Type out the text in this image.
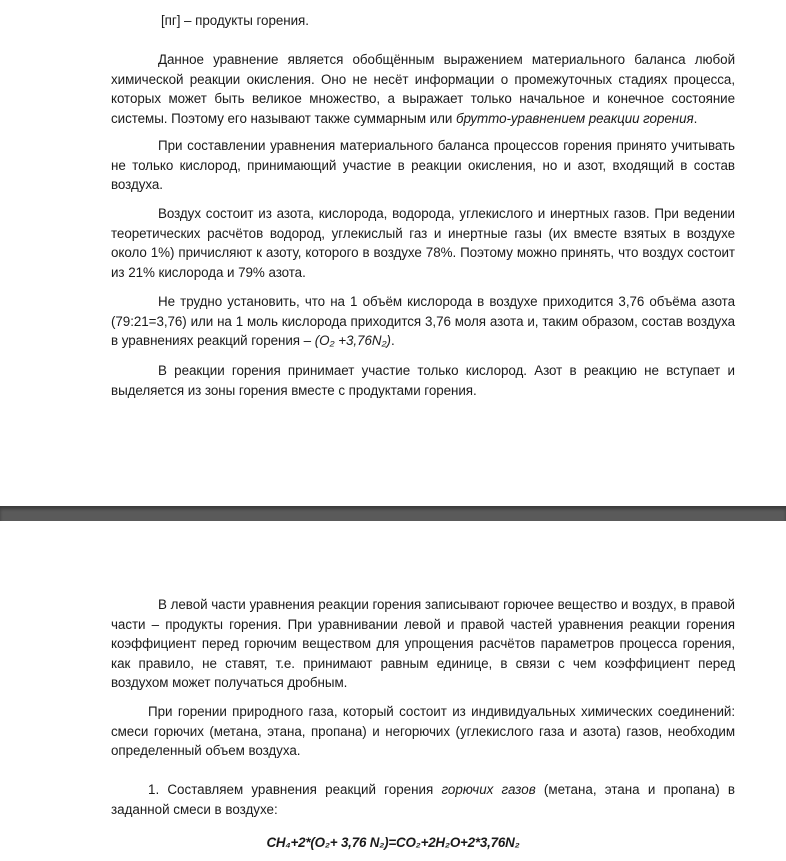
[пг] – продукты горения.

Данное уравнение является обобщённым выражением материального баланса любой химической реакции окисления. Оно не несёт информации о промежуточных стадиях процесса, которых может быть великое множество, а выражает только начальное и конечное состояние системы. Поэтому его называют также суммарным или брутто-уравнением реакции горения.

При составлении уравнения материального баланса процессов горения принято учитывать не только кислород, принимающий участие в реакции окисления, но и азот, входящий в состав воздуха.

Воздух состоит из азота, кислорода, водорода, углекислого и инертных газов. При ведении теоретических расчётов водород, углекислый газ и инертные газы (их вместе взятых в воздухе около 1%) причисляют к азоту, которого в воздухе 78%. Поэтому можно принять, что воздух состоит из 21% кислорода и 79% азота.

Не трудно установить, что на 1 объём кислорода в воздухе приходится 3,76 объёма азота (79:21=3,76) или на 1 моль кислорода приходится 3,76 моля азота и, таким образом, состав воздуха в уравнениях реакций горения – (O₂ +3,76N₂).

В реакции горения принимает участие только кислород. Азот в реакцию не вступает и выделяется из зоны горения вместе с продуктами горения.

В левой части уравнения реакции горения записывают горючее вещество и воздух, в правой части – продукты горения. При уравнивании левой и правой частей уравнения реакции горения коэффициент перед горючим веществом для упрощения расчётов параметров процесса горения, как правило, не ставят, т.е. принимают равным единице, в связи с чем коэффициент перед воздухом может получаться дробным.

При горении природного газа, который состоит из индивидуальных химических соединений: смеси горючих (метана, этана, пропана) и негорючих (углекислого газа и азота) газов, необходим определенный объем воздуха.

1. Составляем уравнения реакций горения горючих газов (метана, этана и пропана) в заданной смеси в воздухе:

CH₄+2*(O₂+ 3,76 N₂)=CO₂+2H₂O+2*3,76N₂
